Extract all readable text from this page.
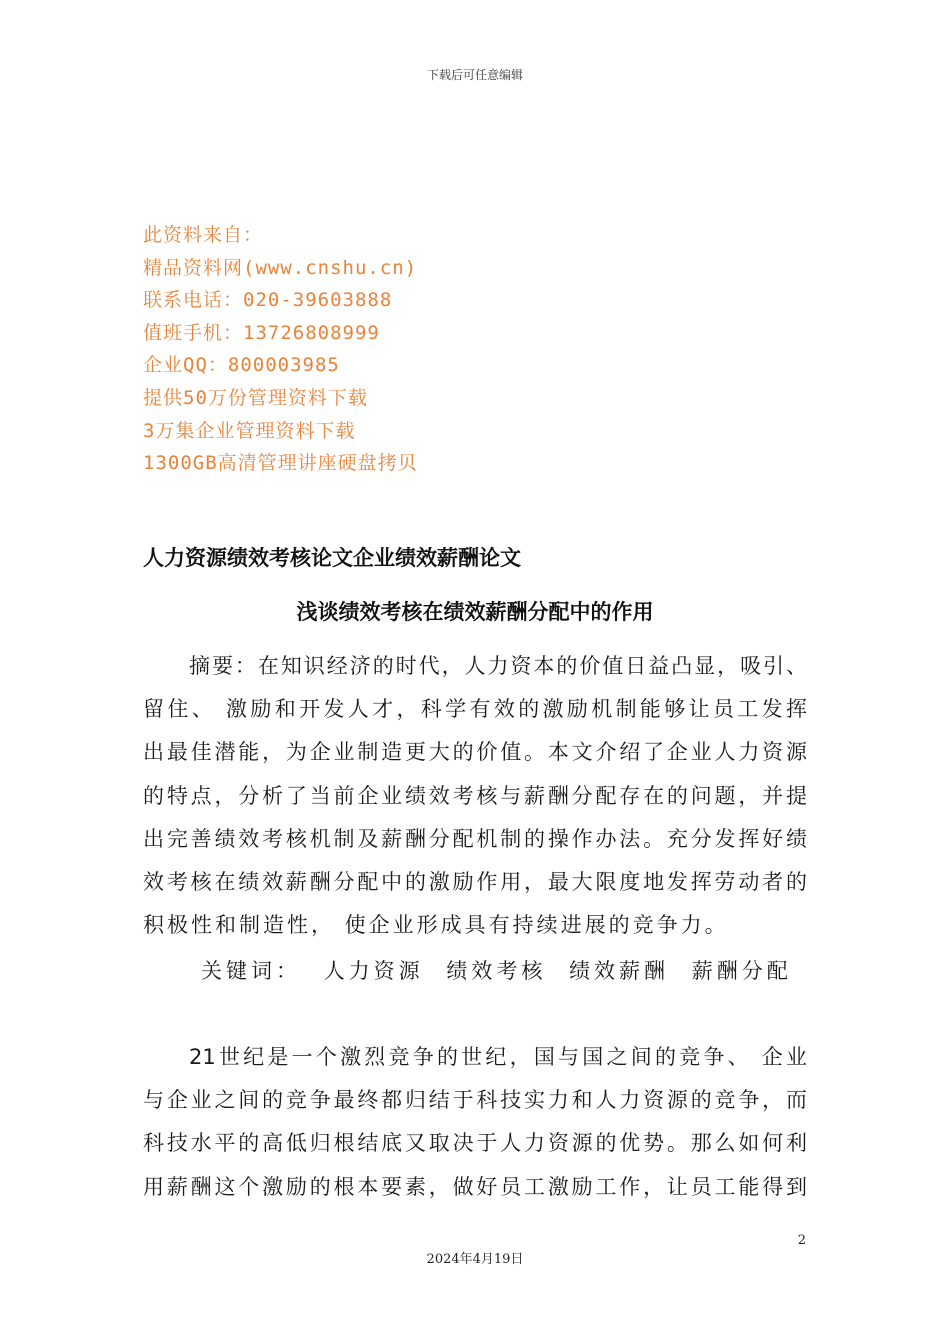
下载后可任意编辑
此资料来自：
精品资料网(www.cnshu.cn)
联系电话：020-39603888
值班手机：13726808999
企业QQ：800003985
提供50万份管理资料下载
3万集企业管理资料下载
1300GB高清管理讲座硬盘拷贝
人力资源绩效考核论文企业绩效薪酬论文
浅谈绩效考核在绩效薪酬分配中的作用
摘要：在知识经济的时代，人力资本的价值日益凸显，吸引、
留住、 激励和开发人才，科学有效的激励机制能够让员工发挥
出最佳潜能，为企业制造更大的价值。本文介绍了企业人力资源
的特点，分析了当前企业绩效考核与薪酬分配存在的问题，并提
出完善绩效考核机制及薪酬分配机制的操作办法。充分发挥好绩
效考核在绩效薪酬分配中的激励作用，最大限度地发挥劳动者的
积极性和制造性， 使企业形成具有持续进展的竞争力。
关键词： 人力资源 绩效考核 绩效薪酬 薪酬分配
21世纪是一个激烈竞争的世纪，国与国之间的竞争、 企业
与企业之间的竞争最终都归结于科技实力和人力资源的竞争，而
科技水平的高低归根结底又取决于人力资源的优势。那么如何利
用薪酬这个激励的根本要素，做好员工激励工作，让员工能得到
2
2024年4月19日
